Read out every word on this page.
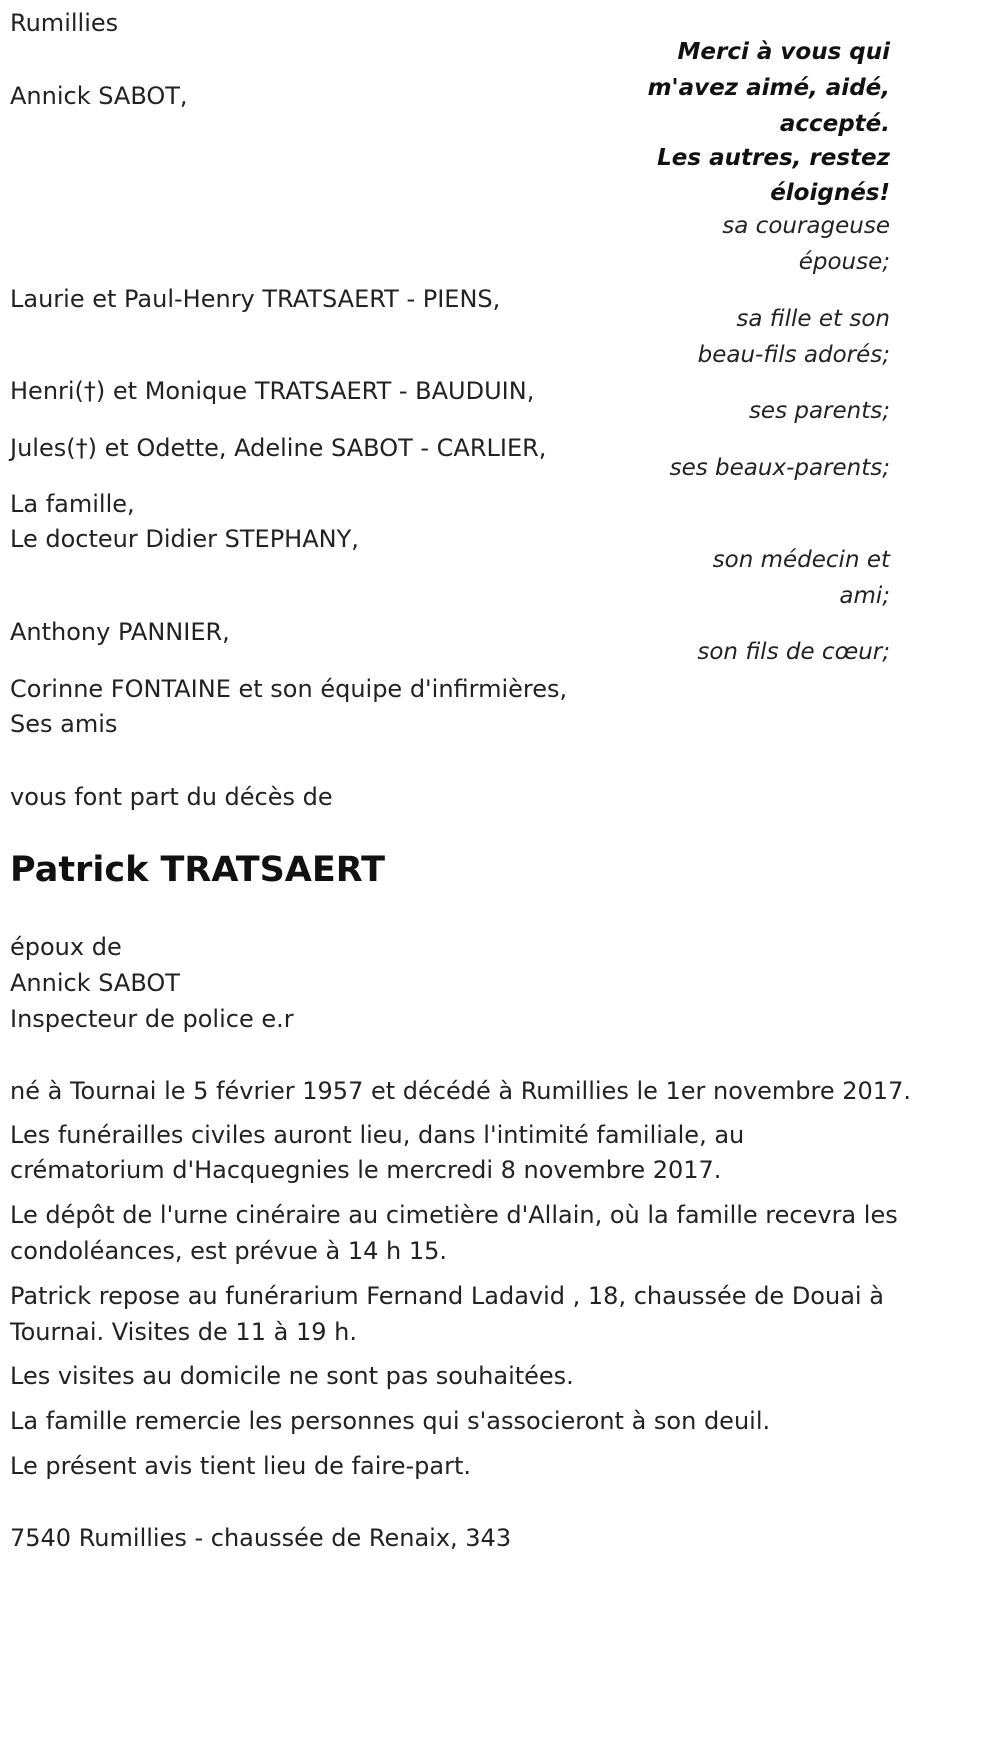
Rumillies
Merci à vous qui
m'avez aimé, aidé,
accepté.
Les autres, restez
éloignés!
Annick SABOT,
sa courageuse
épouse;
Laurie et Paul-Henry TRATSAERT - PIENS,
sa fille et son
beau-fils adorés;
Henri(†) et Monique TRATSAERT - BAUDUIN,
ses parents;
Jules(†) et Odette, Adeline SABOT - CARLIER,
ses beaux-parents;
La famille,
Le docteur Didier STEPHANY,
son médecin et
ami;
Anthony PANNIER,
son fils de cœur;
Corinne FONTAINE et son équipe d'infirmières,
Ses amis
vous font part du décès de
Patrick TRATSAERT
époux de
Annick SABOT
Inspecteur de police e.r
né à Tournai le 5 février 1957 et décédé à Rumillies le 1er novembre 2017.
Les funérailles civiles auront lieu, dans l'intimité familiale, au
crématorium d'Hacquegnies le mercredi 8 novembre 2017.
Le dépôt de l'urne cinéraire au cimetière d'Allain, où la famille recevra les
condoléances, est prévue à 14 h 15.
Patrick repose au funérarium Fernand Ladavid , 18, chaussée de Douai à
Tournai. Visites de 11 à 19 h.
Les visites au domicile ne sont pas souhaitées.
La famille remercie les personnes qui s'associeront à son deuil.
Le présent avis tient lieu de faire-part.
7540 Rumillies - chaussée de Renaix, 343
